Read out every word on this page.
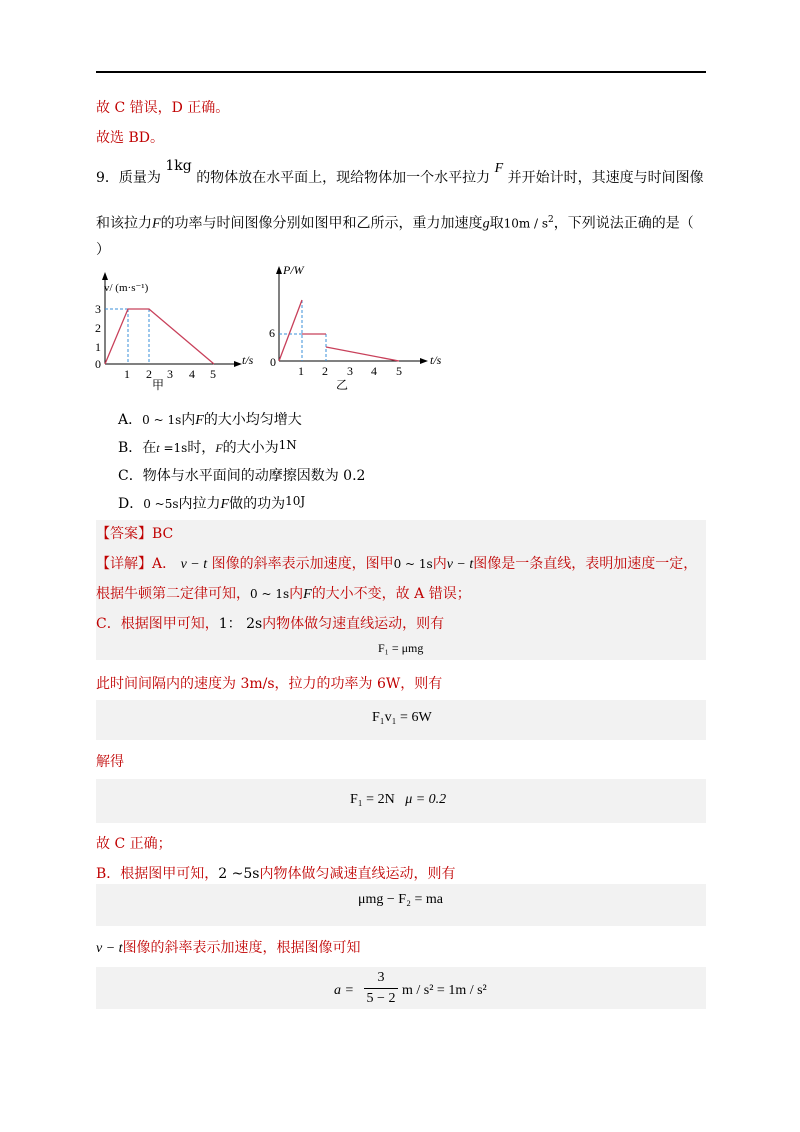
故 C 错误，D 正确。
故选 BD。
9．质量为 1kg 的物体放在水平面上，现给物体加一个水平拉力 F 并开始计时，其速度与时间图像
和该拉力F的功率与时间图像分别如图甲和乙所示，重力加速度g取$10m / s^2$，下列说法正确的是（
）
v/ (m·s⁻¹)
t/s
3
2
1
0
1 2 3 4 5
甲
P/W
t/s
6
0
1 2 3 4 5
乙
A．0 ~ 1s内F的大小均匀增大
B．在t =1s时，F的大小为1N
C．物体与水平面间的动摩擦因数为 0.2
D．0 ~5s内拉力F做的功为10J
【答案】BC
【详解】A． v − t 图像的斜率表示加速度，图甲0 ~ 1s内v − t图像是一条直线，表明加速度一定，
根据牛顿第二定律可知，0 ~ 1s内F的大小不变，故 A 错误；
C．根据图甲可知，1： 2s内物体做匀速直线运动，则有
F₁ = μmg
此时间间隔内的速度为 3m/s，拉力的功率为 6W，则有
F₁v₁ = 6W
解得
F₁ = 2N μ = 0.2
故 C 正确；
B．根据图甲可知，2 ~5s内物体做匀减速直线运动，则有
μmg − F₂ = ma
v − t图像的斜率表示加速度，根据图像可知
a =
3
5 − 2
m / s² = 1m / s²
